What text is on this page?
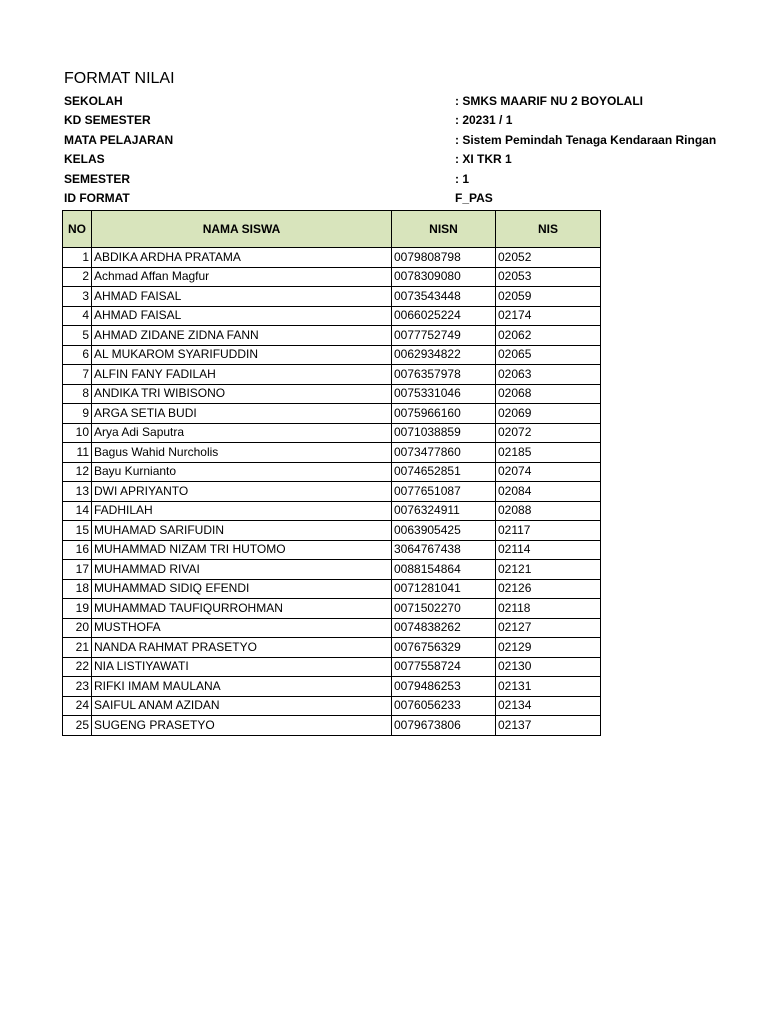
FORMAT NILAI
SEKOLAH	: SMKS MAARIF NU 2 BOYOLALI
KD SEMESTER	: 20231 / 1
MATA PELAJARAN	: Sistem Pemindah Tenaga Kendaraan Ringan
KELAS	: XI TKR 1
SEMESTER	: 1
ID FORMAT	F_PAS
NO	NAMA SISWA	NISN	NIS
1	ABDIKA ARDHA PRATAMA	0079808798	02052
2	Achmad Affan Magfur	0078309080	02053
3	AHMAD FAISAL	0073543448	02059
4	AHMAD FAISAL	0066025224	02174
5	AHMAD ZIDANE ZIDNA FANN	0077752749	02062
6	AL MUKAROM SYARIFUDDIN	0062934822	02065
7	ALFIN FANY FADILAH	0076357978	02063
8	ANDIKA TRI WIBISONO	0075331046	02068
9	ARGA SETIA BUDI	0075966160	02069
10	Arya Adi Saputra	0071038859	02072
11	Bagus Wahid Nurcholis	0073477860	02185
12	Bayu Kurnianto	0074652851	02074
13	DWI APRIYANTO	0077651087	02084
14	FADHILAH	0076324911	02088
15	MUHAMAD SARIFUDIN	0063905425	02117
16	MUHAMMAD NIZAM TRI HUTOMO	3064767438	02114
17	MUHAMMAD RIVAI	0088154864	02121
18	MUHAMMAD SIDIQ EFENDI	0071281041	02126
19	MUHAMMAD TAUFIQURROHMAN	0071502270	02118
20	MUSTHOFA	0074838262	02127
21	NANDA RAHMAT PRASETYO	0076756329	02129
22	NIA LISTIYAWATI	0077558724	02130
23	RIFKI IMAM MAULANA	0079486253	02131
24	SAIFUL ANAM AZIDAN	0076056233	02134
25	SUGENG PRASETYO	0079673806	02137
